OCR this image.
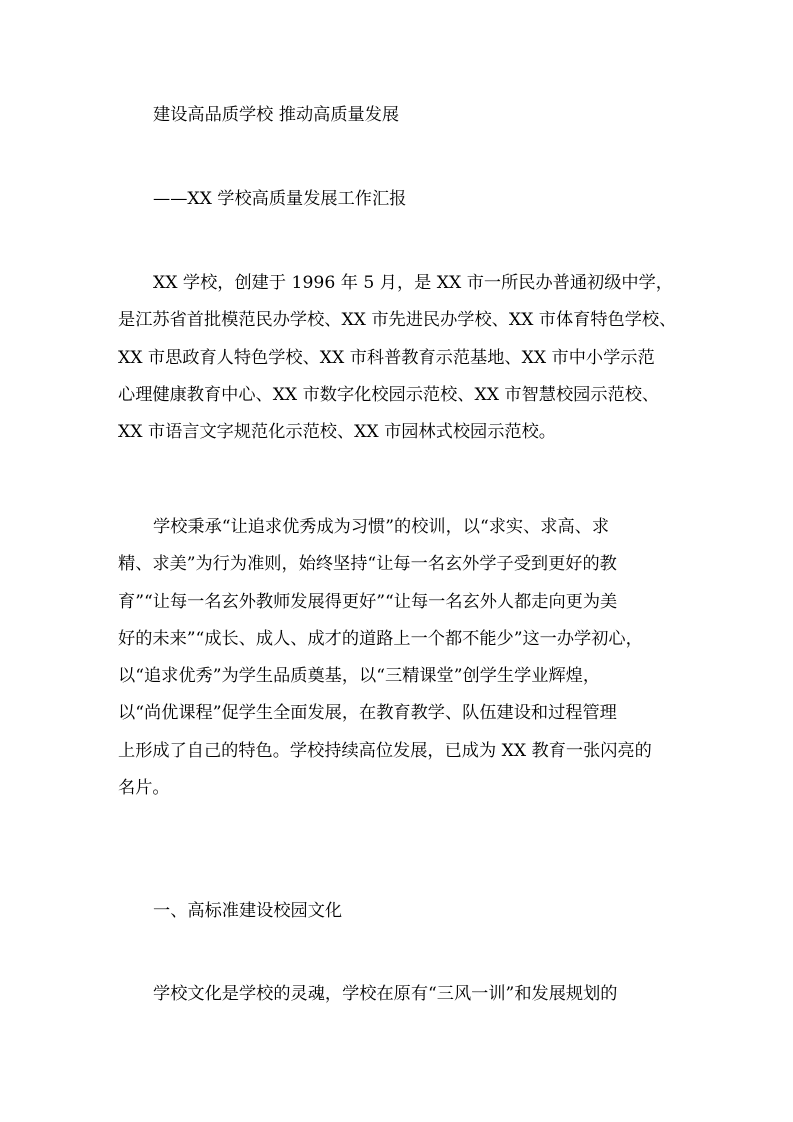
建设高品质学校 推动高质量发展

——XX 学校高质量发展工作汇报

XX 学校，创建于 1996 年 5 月，是 XX 市一所民办普通初级中学，
是江苏省首批模范民办学校、XX 市先进民办学校、XX 市体育特色学校、
XX 市思政育人特色学校、XX 市科普教育示范基地、XX 市中小学示范
心理健康教育中心、XX 市数字化校园示范校、XX 市智慧校园示范校、
XX 市语言文字规范化示范校、XX 市园林式校园示范校。
学校秉承“让追求优秀成为习惯”的校训，以“求实、求高、求
精、求美”为行为准则，始终坚持“让每一名玄外学子受到更好的教
育”“让每一名玄外教师发展得更好”“让每一名玄外人都走向更为美
好的未来”“成长、成人、成才的道路上一个都不能少”这一办学初心，
以“追求优秀”为学生品质奠基，以“三精课堂”创学生学业辉煌，
以“尚优课程”促学生全面发展，在教育教学、队伍建设和过程管理
上形成了自己的特色。学校持续高位发展，已成为 XX 教育一张闪亮的
名片。

一、高标准建设校园文化

学校文化是学校的灵魂，学校在原有“三风一训”和发展规划的
